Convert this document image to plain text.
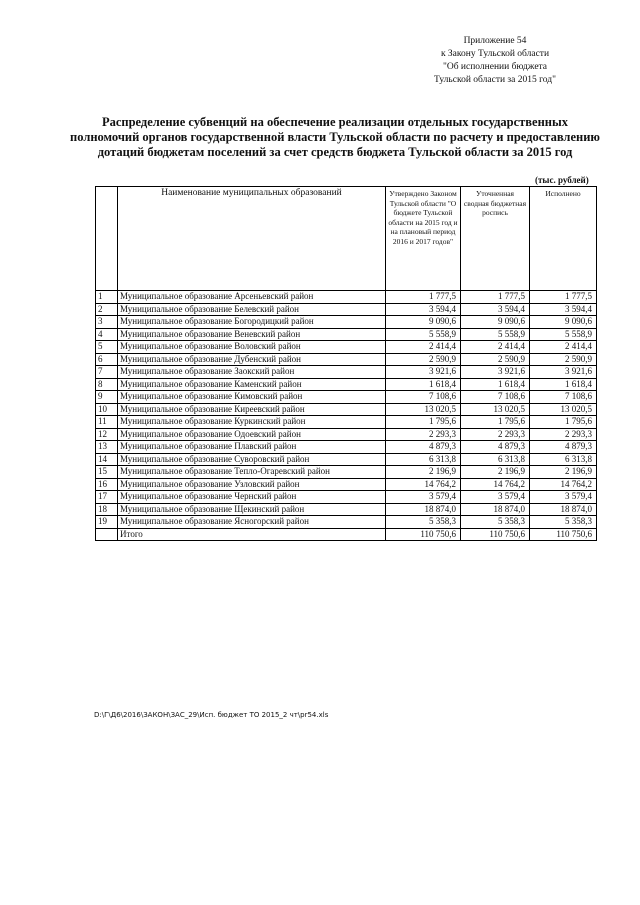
Приложение 54
к Закону Тульской области
"Об исполнении бюджета
Тульской области за 2015 год"
Распределение субвенций на обеспечение реализации отдельных государственных полномочий органов государственной власти Тульской области по расчету и предоставлению дотаций бюджетам поселений за счет средств бюджета Тульской области за 2015 год
(тыс. рублей)
	Наименование муниципальных образований	Утверждено Законом Тульской области "О бюджете Тульской области на 2015 год и на плановый период 2016 и 2017 годов"	Уточненная сводная бюджетная роспись	Исполнено
1	Муниципальное образование Арсеньевский район	1 777,5	1 777,5	1 777,5
2	Муниципальное образование Белевский район	3 594,4	3 594,4	3 594,4
3	Муниципальное образование Богородицкий район	9 090,6	9 090,6	9 090,6
4	Муниципальное образование Веневский район	5 558,9	5 558,9	5 558,9
5	Муниципальное образование Воловский район	2 414,4	2 414,4	2 414,4
6	Муниципальное образование Дубенский район	2 590,9	2 590,9	2 590,9
7	Муниципальное образование Заокский район	3 921,6	3 921,6	3 921,6
8	Муниципальное образование Каменский район	1 618,4	1 618,4	1 618,4
9	Муниципальное образование Кимовский район	7 108,6	7 108,6	7 108,6
10	Муниципальное образование Киреевский район	13 020,5	13 020,5	13 020,5
11	Муниципальное образование Куркинский район	1 795,6	1 795,6	1 795,6
12	Муниципальное образование Одоевский район	2 293,3	2 293,3	2 293,3
13	Муниципальное образование Плавский район	4 879,3	4 879,3	4 879,3
14	Муниципальное образование Суворовский район	6 313,8	6 313,8	6 313,8
15	Муниципальное образование Тепло-Огаревский район	2 196,9	2 196,9	2 196,9
16	Муниципальное образование Узловский район	14 764,2	14 764,2	14 764,2
17	Муниципальное образование Чернский район	3 579,4	3 579,4	3 579,4
18	Муниципальное образование Щекинский район	18 874,0	18 874,0	18 874,0
19	Муниципальное образование Ясногорский район	5 358,3	5 358,3	5 358,3
	Итого	110 750,6	110 750,6	110 750,6
D:\Г\Д6\2016\ЗАКОН\ЗАС_29\Исп. бюджет ТО 2015_2 чт\pr54.xls
